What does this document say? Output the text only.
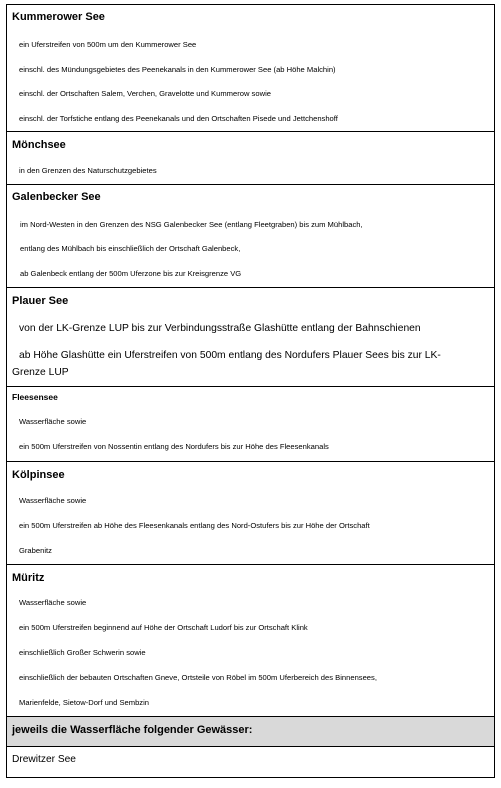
Kummerower See
ein Uferstreifen von 500m um den Kummerower See
einschl. des Mündungsgebietes des Peenekanals in den Kummerower See (ab Höhe Malchin)
einschl. der Ortschaften Salem, Verchen, Gravelotte und Kummerow sowie
einschl. der Torfstiche entlang des Peenekanals und den Ortschaften Pisede und Jettchenshoff
Mönchsee
in den Grenzen des Naturschutzgebietes
Galenbecker See
im Nord-Westen in den Grenzen des NSG Galenbecker See (entlang Fleetgraben) bis zum Mühlbach,
entlang des Mühlbach bis einschließlich der Ortschaft Galenbeck,
ab Galenbeck entlang der 500m Uferzone bis zur Kreisgrenze VG
Plauer See
von der LK-Grenze LUP bis zur Verbindungsstraße Glashütte entlang der Bahnschienen
ab Höhe Glashütte ein Uferstreifen von 500m entlang des Nordufers Plauer Sees bis zur LK-
Grenze LUP
Fleesensee
Wasserfläche sowie
ein 500m Uferstreifen von Nossentin entlang des Nordufers bis zur Höhe des Fleesenkanals
Kölpinsee
Wasserfläche sowie
ein 500m Uferstreifen ab Höhe des Fleesenkanals entlang des Nord-Ostufers bis zur Höhe der Ortschaft
Grabenitz
Müritz
Wasserfläche sowie
ein 500m Uferstreifen beginnend auf Höhe der Ortschaft Ludorf bis zur Ortschaft Klink
einschließlich Großer Schwerin sowie
einschließlich der bebauten Ortschaften Gneve, Ortsteile von Röbel im 500m Uferbereich des Binnensees,
Marienfelde, Sietow-Dorf und Sembzin
jeweils die Wasserfläche folgender Gewässer:
Drewitzer See
